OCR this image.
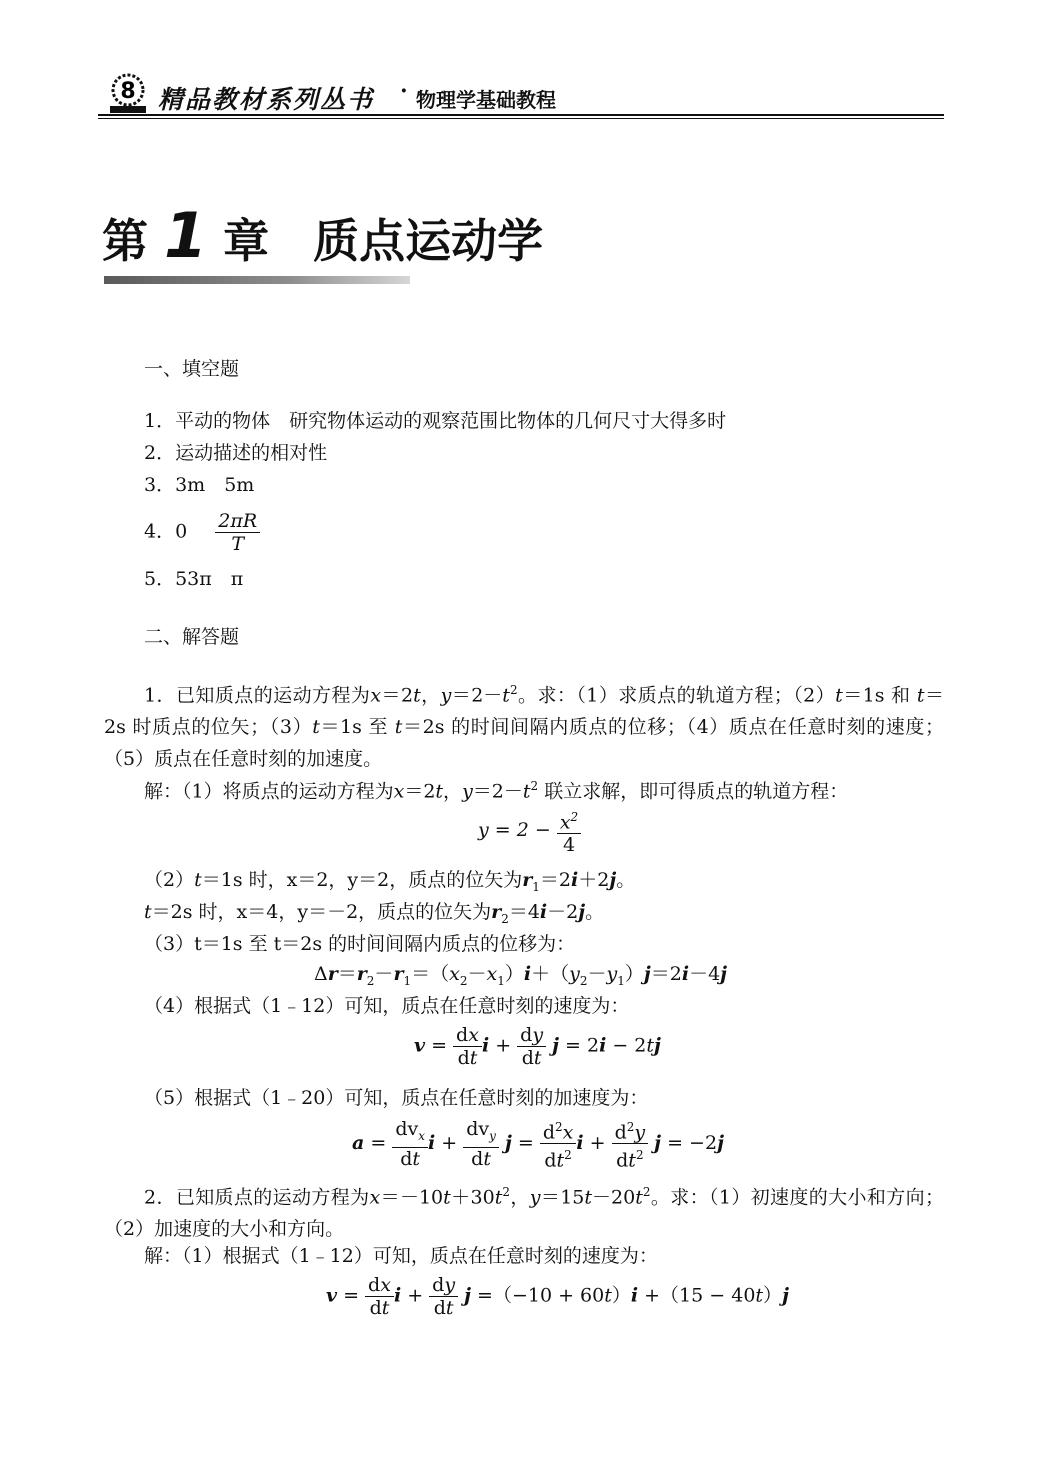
8 精品教材系列丛书 · 物理学基础教程
第 1 章 质点运动学
一、填空题
1．平动的物体　研究物体运动的观察范围比物体的几何尺寸大得多时
2．运动描述的相对性
3．3m　5m
4．$0 \frac{2\pi R}{T}$
5．53π　π
二、解答题
1．已知质点的运动方程为x＝2t，$y=2-t^2$。求：（1）求质点的轨道方程；（2）t＝1s 和 t＝2s 时质点的位矢；（3）t＝1s 至 t＝2s 的时间间隔内质点的位移；（4）质点在任意时刻的速度；（5）质点在任意时刻的加速度。
解：（1）将质点的运动方程为x＝2t，$y=2-t^2$ 联立求解，即可得质点的轨道方程：
$y = 2 - \frac{x^2}{4}$
（2）t＝1s 时，x＝2，y＝2，质点的位矢为$r_1=2i+2j$。
t＝2s 时，x＝4，y＝－2，质点的位矢为$r_2=4i-2j$。
（3）t＝1s 至 t＝2s 的时间间隔内质点的位移为：
$\Delta r=r_2-r_1=(x_2-x_1)i+(y_2-y_1)j=2i-4j$
（4）根据式（1﹣12）可知，质点在任意时刻的速度为：
$v = \frac{dx}{dt}$ $i + \frac{dy}{dt}$ j = 2i − 2tj
（5）根据式（1﹣20）可知，质点在任意时刻的加速度为：
$a = \frac{dv_x}{dt}$ $i + \frac{dv_y}{dt}$ $j = \frac{d^2x}{dt^2}$ $i + \frac{d^2y}{dt^2}$ j = −2j
2．已知质点的运动方程为$x=-10t+30t^2$，$y=15t-20t^2$。求：（1）初速度的大小和方向；（2）加速度的大小和方向。
解：（1）根据式（1﹣12）可知，质点在任意时刻的速度为：
$v = \frac{dx}{dt}$ $i + \frac{dy}{dt}$ j =（−10 + 60t）i +（15 − 40t）j
